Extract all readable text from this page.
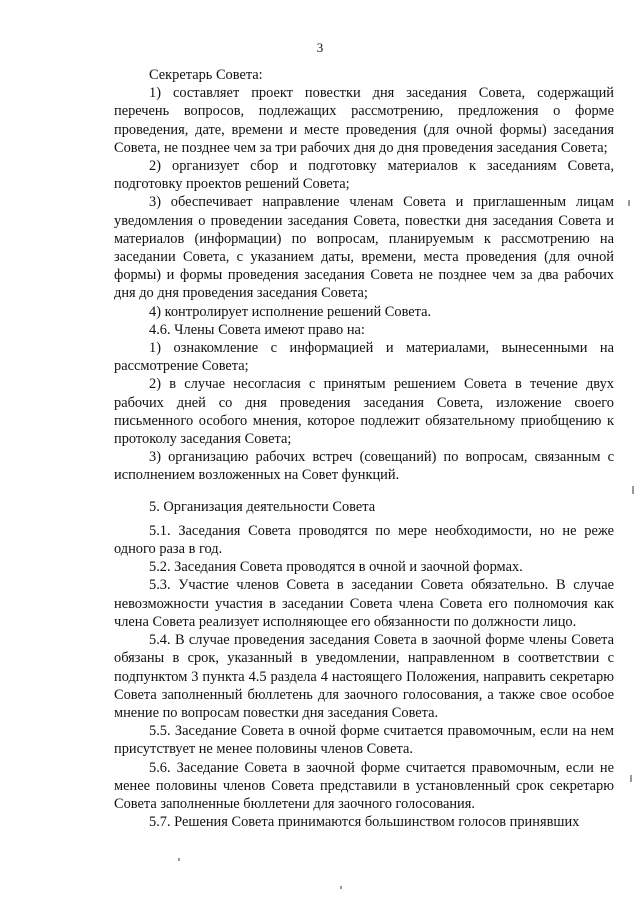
3

Секретарь Совета:

1) составляет проект повестки дня заседания Совета, содержащий перечень вопросов, подлежащих рассмотрению, предложения о форме проведения, дате, времени и месте проведения (для очной формы) заседания Совета, не позднее чем за три рабочих дня до дня проведения заседания Совета;

2) организует сбор и подготовку материалов к заседаниям Совета, подготовку проектов решений Совета;

3) обеспечивает направление членам Совета и приглашенным лицам уведомления о проведении заседания Совета, повестки дня заседания Совета и материалов (информации) по вопросам, планируемым к рассмотрению на заседании Совета, с указанием даты, времени, места проведения (для очной формы) и формы проведения заседания Совета не позднее чем за два рабочих дня до дня проведения заседания Совета;

4) контролирует исполнение решений Совета.

4.6. Члены Совета имеют право на:

1) ознакомление с информацией и материалами, вынесенными на рассмотрение Совета;

2) в случае несогласия с принятым решением Совета в течение двух рабочих дней со дня проведения заседания Совета, изложение своего письменного особого мнения, которое подлежит обязательному приобщению к протоколу заседания Совета;

3) организацию рабочих встреч (совещаний) по вопросам, связанным с исполнением возложенных на Совет функций.

5. Организация деятельности Совета

5.1. Заседания Совета проводятся по мере необходимости, но не реже одного раза в год.

5.2. Заседания Совета проводятся в очной и заочной формах.

5.3. Участие членов Совета в заседании Совета обязательно. В случае невозможности участия в заседании Совета члена Совета его полномочия как члена Совета реализует исполняющее его обязанности по должности лицо.

5.4. В случае проведения заседания Совета в заочной форме члены Совета обязаны в срок, указанный в уведомлении, направленном в соответствии с подпунктом 3 пункта 4.5 раздела 4 настоящего Положения, направить секретарю Совета заполненный бюллетень для заочного голосования, а также свое особое мнение по вопросам повестки дня заседания Совета.

5.5. Заседание Совета в очной форме считается правомочным, если на нем присутствует не менее половины членов Совета.

5.6. Заседание Совета в заочной форме считается правомочным, если не менее половины членов Совета представили в установленный срок секретарю Совета заполненные бюллетени для заочного голосования.

5.7. Решения Совета принимаются большинством голосов принявших
